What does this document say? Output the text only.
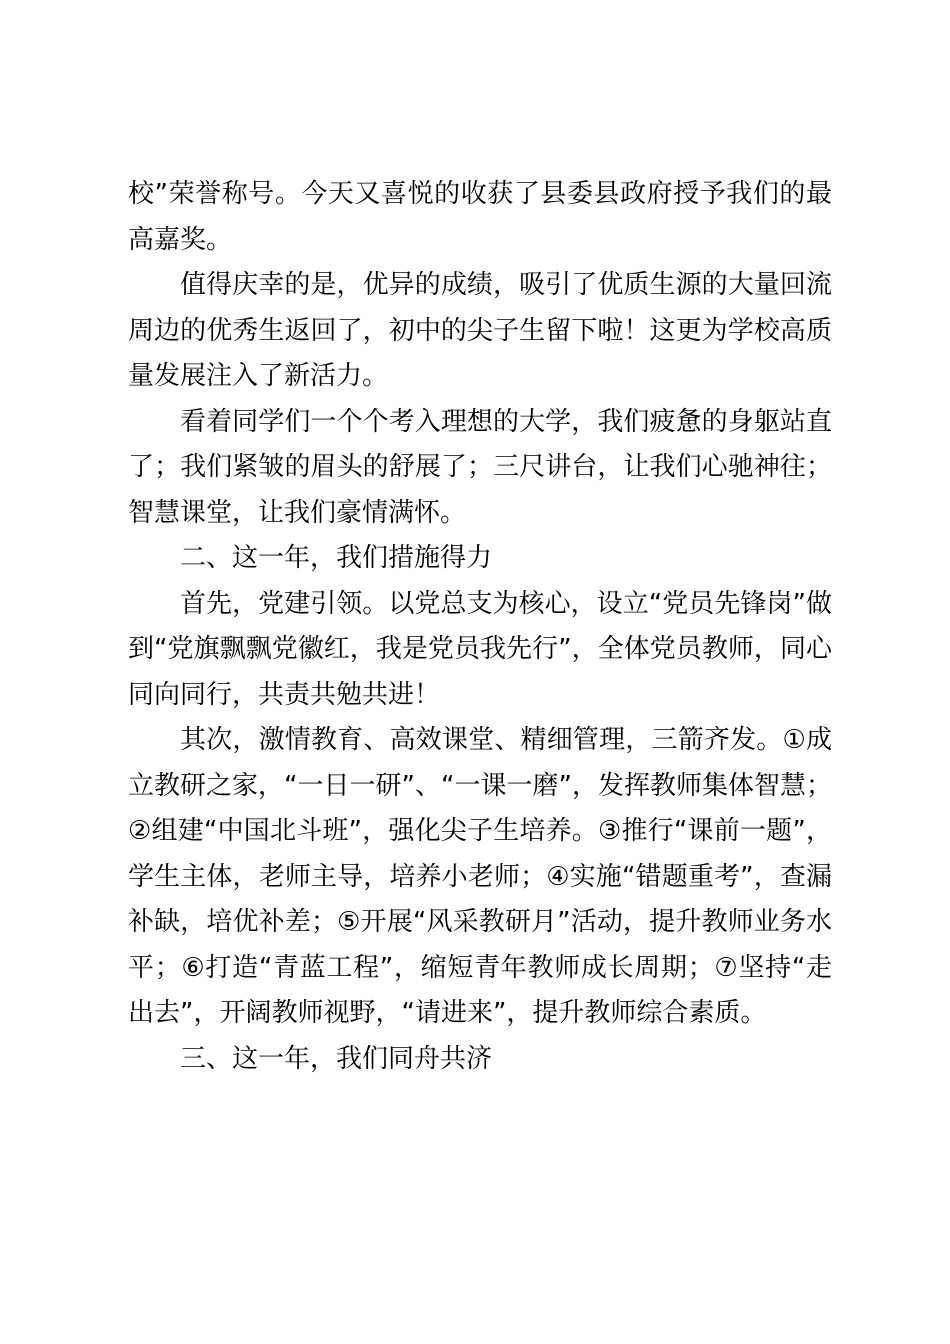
校”荣誉称号。今天又喜悦的收获了县委县政府授予我们的最高嘉奖。

值得庆幸的是，优异的成绩，吸引了优质生源的大量回流周边的优秀生返回了，初中的尖子生留下啦！这更为学校高质量发展注入了新活力。

看着同学们一个个考入理想的大学，我们疲惫的身躯站直了；我们紧皱的眉头的舒展了；三尺讲台，让我们心驰神往；智慧课堂，让我们豪情满怀。

二、这一年，我们措施得力

首先，党建引领。以党总支为核心，设立“党员先锋岗”做到“党旗飘飘党徽红，我是党员我先行”，全体党员教师，同心同向同行，共责共勉共进！

其次，激情教育、高效课堂、精细管理，三箭齐发。①成立教研之家，“一日一研”、“一课一磨”，发挥教师集体智慧；②组建“中国北斗班”，强化尖子生培养。③推行“课前一题”，学生主体，老师主导，培养小老师；④实施“错题重考”，查漏补缺，培优补差；⑤开展“风采教研月”活动，提升教师业务水平；⑥打造“青蓝工程”，缩短青年教师成长周期；⑦坚持“走出去”，开阔教师视野，“请进来”，提升教师综合素质。

三、这一年，我们同舟共济
